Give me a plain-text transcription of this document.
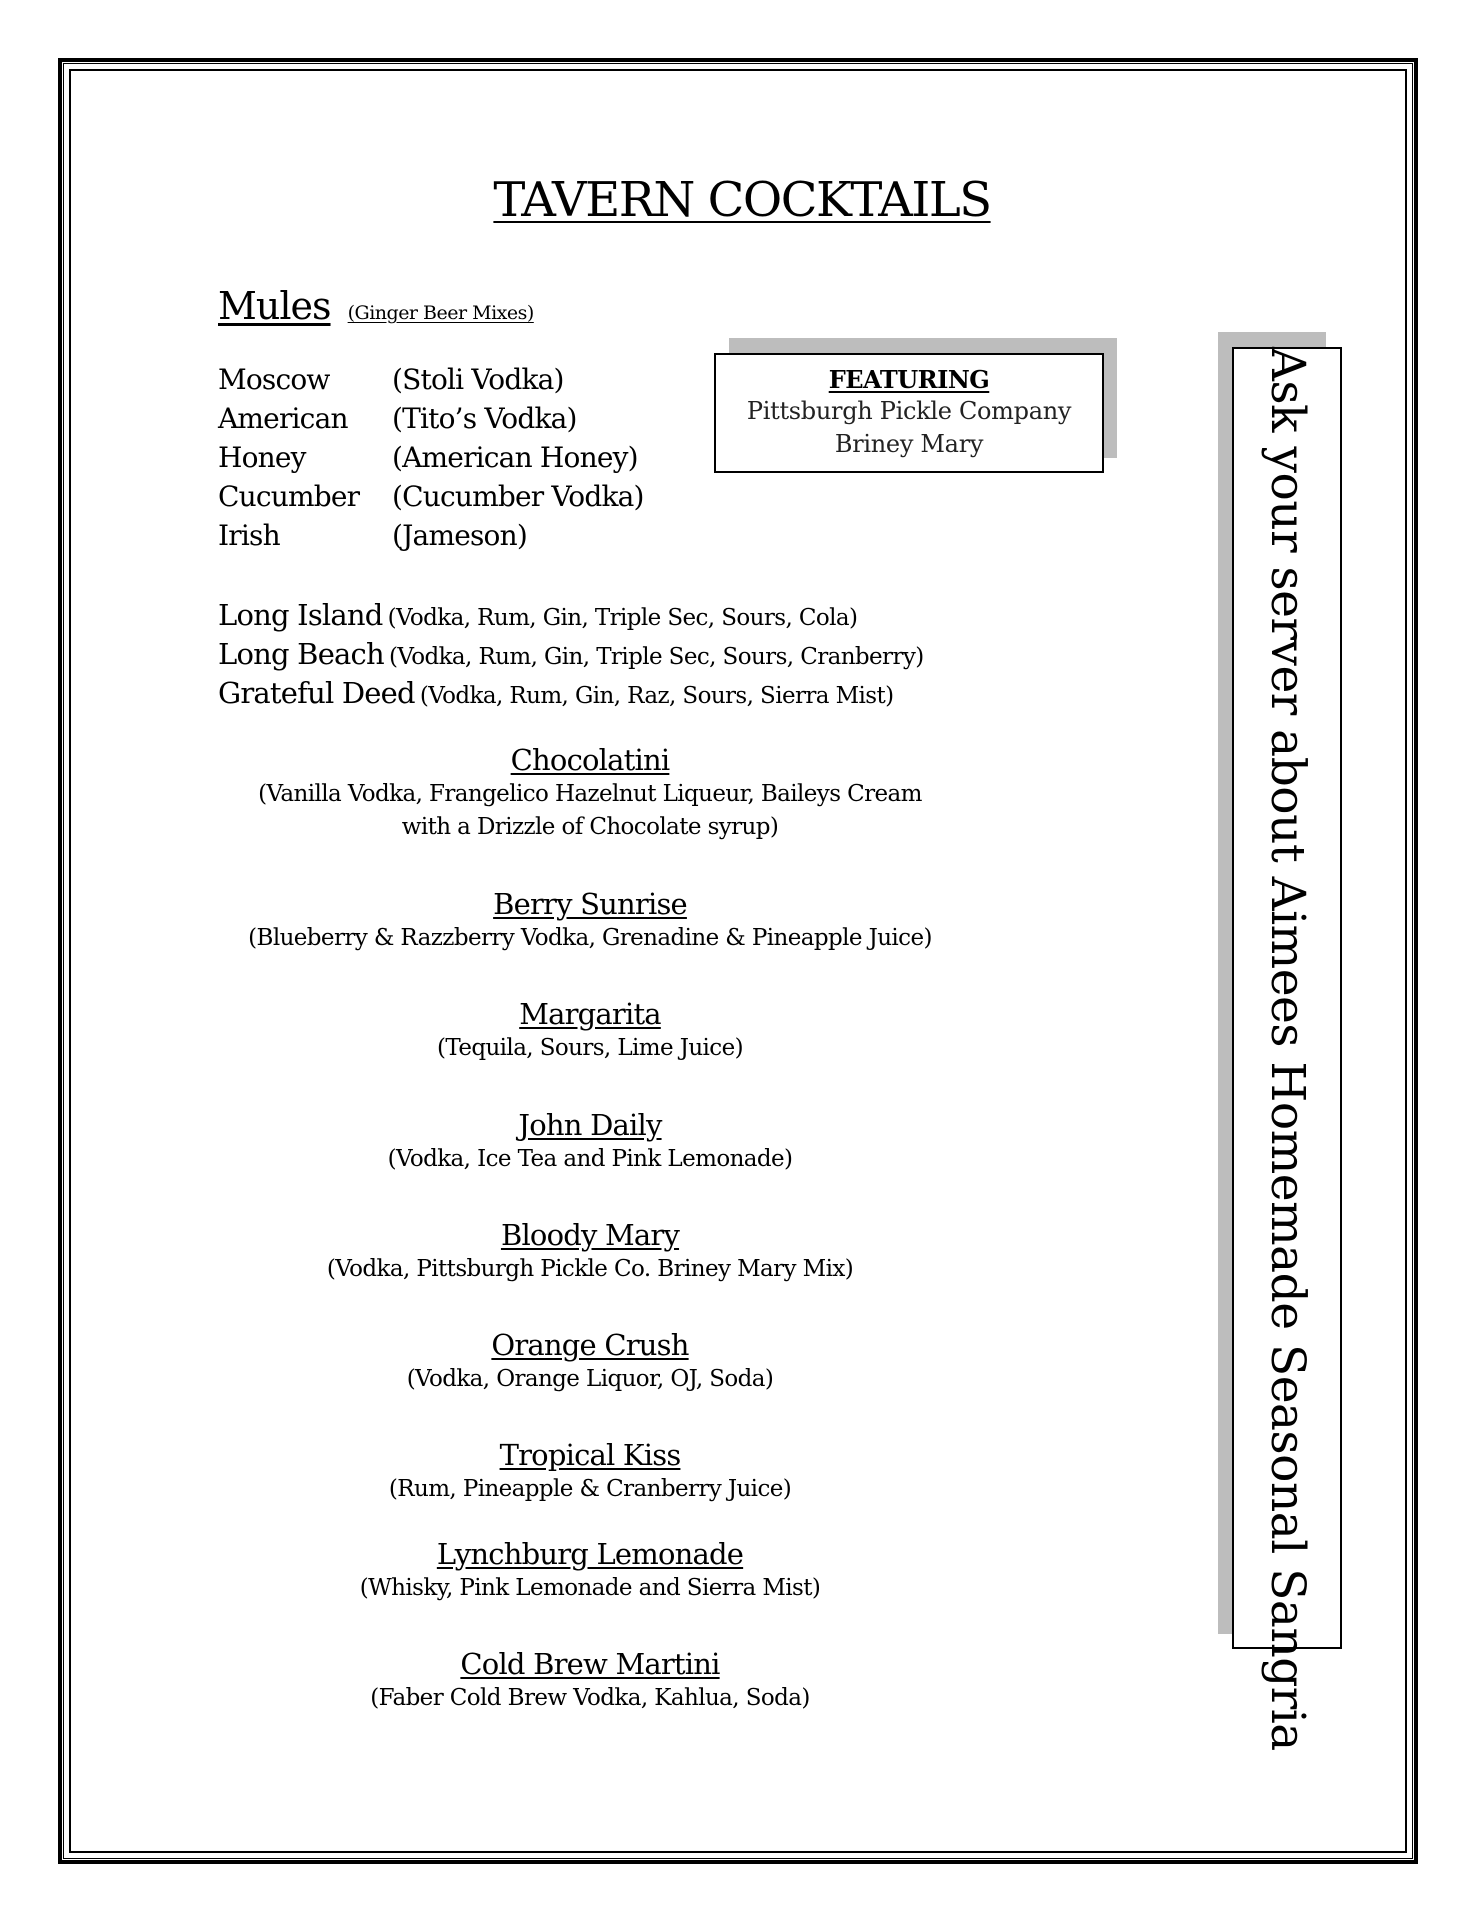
TAVERN COCKTAILS
Mules (Ginger Beer Mixes)
Moscow (Stoli Vodka)
American (Tito’s Vodka)
Honey	(American Honey)
Cucumber (Cucumber Vodka)
Irish	(Jameson)
FEATURING
Pittsburgh Pickle Company
Briney Mary
Long Island (Vodka, Rum, Gin, Triple Sec, Sours, Cola)
Long Beach (Vodka, Rum, Gin, Triple Sec, Sours, Cranberry)
Grateful Deed (Vodka, Rum, Gin, Raz, Sours, Sierra Mist)
Chocolatini
(Vanilla Vodka, Frangelico Hazelnut Liqueur, Baileys Cream
with a Drizzle of Chocolate syrup)
Berry Sunrise
(Blueberry & Razzberry Vodka, Grenadine & Pineapple Juice)
Margarita
(Tequila, Sours, Lime Juice)
John Daily
(Vodka, Ice Tea and Pink Lemonade)
Bloody Mary
(Vodka, Pittsburgh Pickle Co. Briney Mary Mix)
Orange Crush
(Vodka, Orange Liquor, OJ, Soda)
Tropical Kiss
(Rum, Pineapple & Cranberry Juice)
Lynchburg Lemonade
(Whisky, Pink Lemonade and Sierra Mist)
Cold Brew Martini
(Faber Cold Brew Vodka, Kahlua, Soda)	Ask your server about Aimees Homemade Seasonal Sangria
